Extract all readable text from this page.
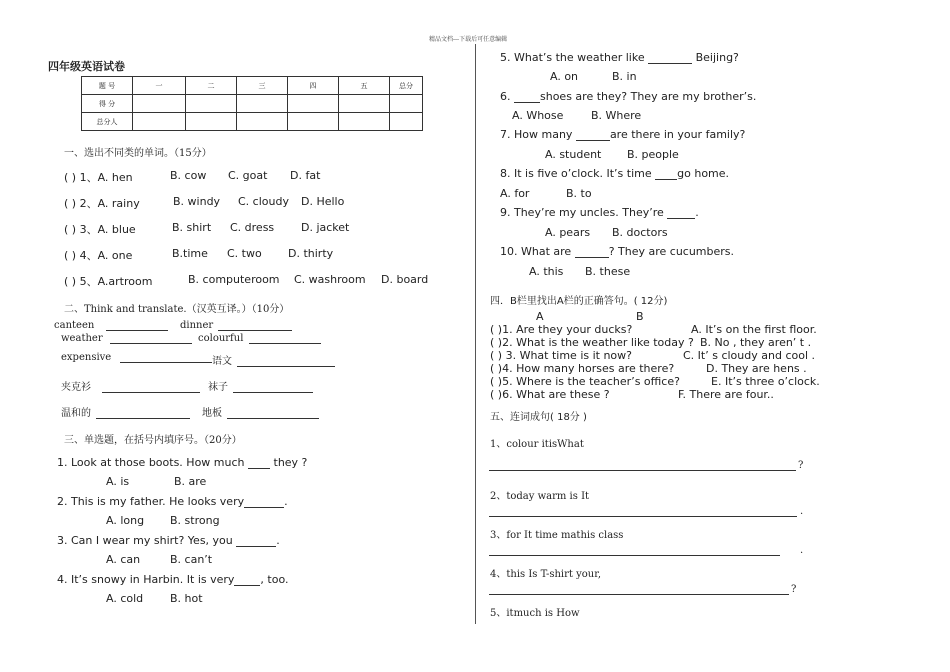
精品文档---下载后可任意编辑
四年级英语试卷
题 号	一	二	三	四	五	总分
得 分						
总分人						
一、选出不同类的单词。（15分）
( ) 1、A. hen	B. cow C. goat D. fat
( ) 2、A. rainy	B. windy C. cloudy D. Hello
( ) 3、A. blue	B. shirt C. dress D. jacket
( ) 4、A. one	B.time C. two D. thirty
( ) 5、A.artroom	B. computeroom C. washroom D. board
二、Think and translate.（汉英互译。）（10分）
canteen	dinner
weather	colourful
expensive	语文
夹克衫	袜子
温和的	地板
三、单选题，在括号内填序号。（20分）
1. Look at those boots. How much	they ?
A. is	B. are
2. This is my father. He looks very	.
A. long B. strong
3. Can I wear my shirt? Yes, you	.
A. can	B. can’t
4. It’s snowy in Harbin. It is very , too.
A. cold B. hot
5. What’s the weather like	Beijing?
A. on	B. in
6.	shoes are they? They are my brother’s.
A. Whose	B. Where
7. How many	are there in your family?
A. student B. people
8. It is five o’clock. It’s time go home.
A. for	B. to
9. They’re my uncles. They’re	.
A. pears B. doctors
10. What are	? They are cucumbers.
A. this B. these
四．B栏里找出A栏的正确答句。( 12分)
A	B
( )1. Are they your ducks?	A. It’s on the first floor.
( )2. What is the weather like today ? B. No , they aren’ t .
( ) 3. What time is it now?	C. It’ s cloudy and cool .
( )4. How many horses are there?	D. They are hens .
( )5. Where is the teacher’s office?	E. It’s three o’clock.
( )6. What are these ?	F. There are four..
五、连词成句( 18分 )
1、colour itisWhat
?
2、today warm is It
.
3、for It time mathis class
.
4、this Is T-shirt your,
?
5、itmuch is How
